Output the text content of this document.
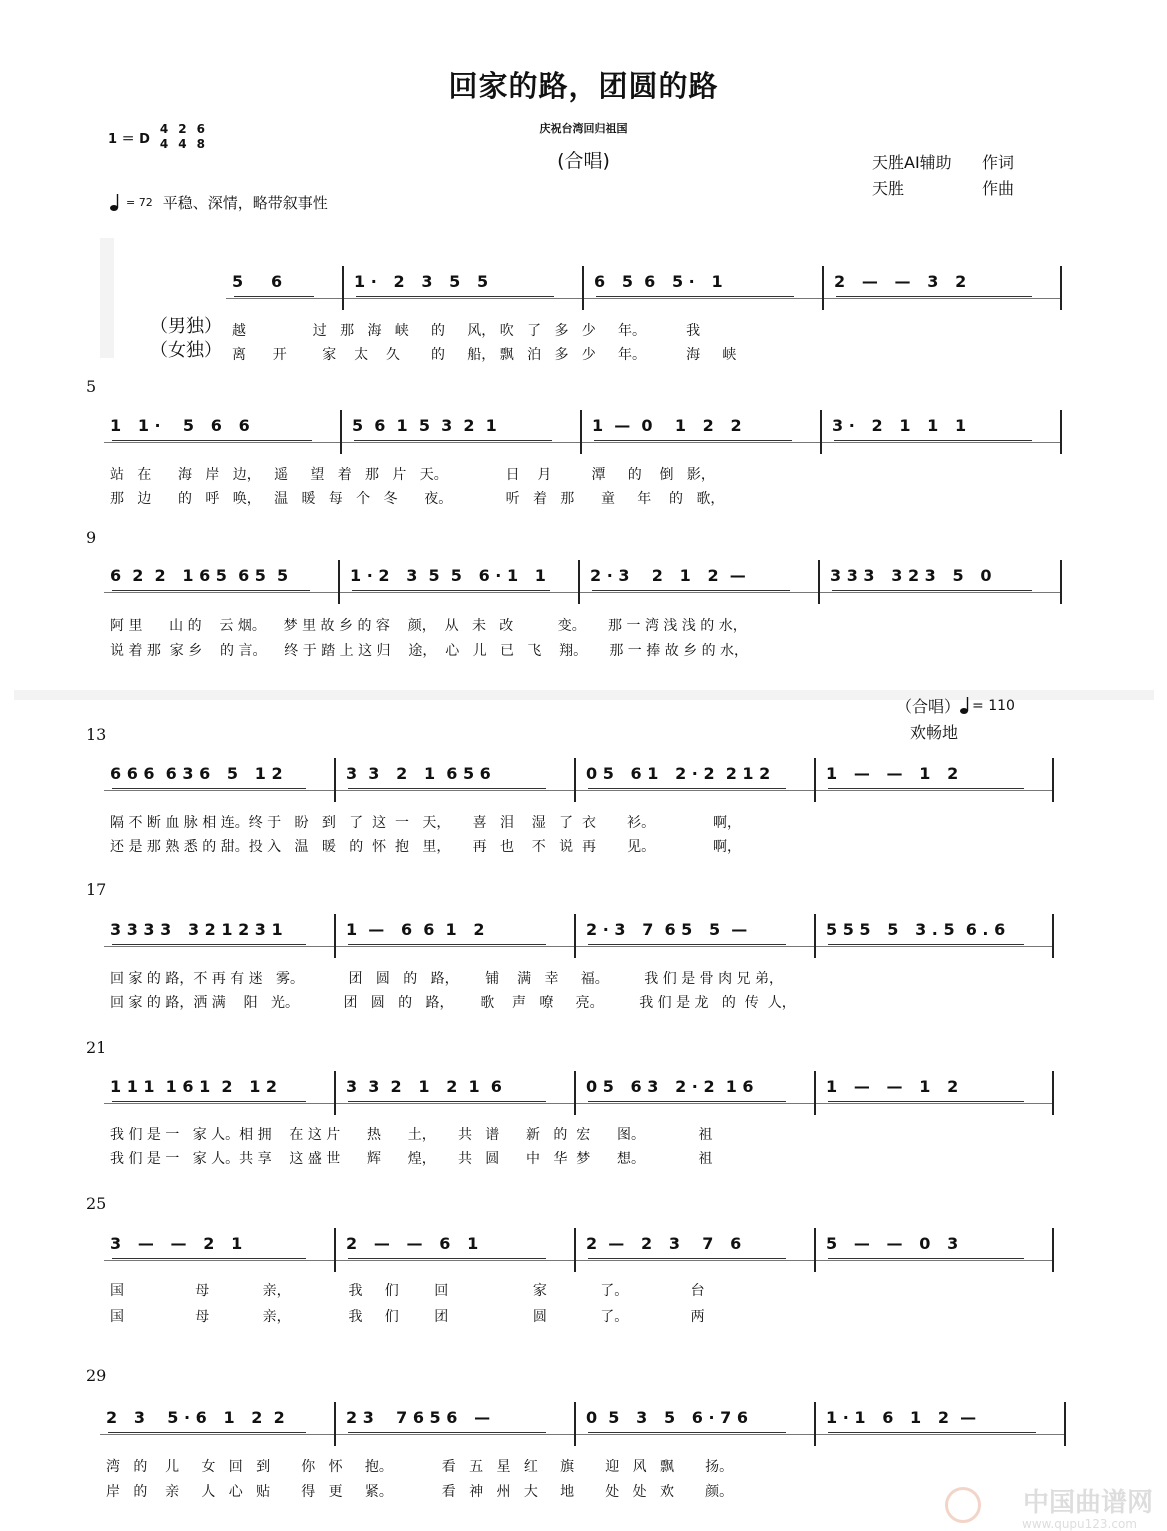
回家的路，团圆的路
1 ＝ D
4
4
2
4
6
8
庆祝台湾回归祖国
(合唱)	天胜AI辅助 作词
天胜	作曲
= 72 平稳、深情，略带叙事性
5     6	1 ·   2   3   5   5	6   5  6   5 ·   1	2   —   —   3   2
越               过   那   海   峡     的     风， 吹   了   多   少     年。         我
离      开        家    太    久       的     船， 飘   泊   多   少     年。         海     峡
5
1   1 ·    5   6   6	5  6  1  5  3  2  1	1  —  0    1   2   2	3 ·   2   1   1   1
站   在      海   岸   边，   遥     望   着   那   片   天。             日    月         潭     的    倒   影，
那   边      的   呼   唤，   温   暖   每   个   冬      夜。            听   着   那      童     年    的   歌，
9
6  2  2   1 6 5  6 5  5	1 · 2   3  5  5   6 · 1   1	2 · 3    2   1   2  —	3 3 3   3 2 3   5   0
阿 里      山 的    云 烟。    梦 里 故 乡 的 容    颜，  从   未   改          变。     那 一 湾 浅 浅 的 水，
说 着 那  家 乡    的 言。    终 于 踏 上 这 归    途，  心   儿   已   飞    翔。     那 一 捧 故 乡 的 水，
13
6 6 6  6 3 6   5   1 2	3  3   2   1  6 5 6	0 5   6 1   2 · 2  2 1 2	1   —   —   1   2
隔 不 断 血 脉 相 连。终 于   盼   到   了  这  一   天，     喜   泪    湿   了  衣       衫。             啊，
还 是 那 熟 悉 的 甜。投 入   温   暖   的  怀  抱   里，     再   也    不   说  再       见。             啊，
17
3 3 3 3   3 2 1 2 3 1	1  —   6  6  1   2	2 · 3   7  6 5   5  —	5 5 5   5   3 . 5  6 . 6
回 家 的 路，不 再 有 迷   雾。          团   圆   的   路，      铺    满   幸     福。        我 们 是 骨 肉 兄 弟，
回 家 的 路，洒 满    阳   光。          团   圆   的   路，      歌    声   嘹     亮。        我 们 是 龙   的  传  人，
21
1 1 1  1 6 1  2   1 2	3  3  2   1   2  1  6	0 5   6 3   2 · 2  1 6	1   —   —   1   2
我 们 是 一   家 人。相 拥    在 这 片      热      土，     共   谱      新   的  宏      图。            祖
我 们 是 一   家 人。共 享    这 盛 世      辉      煌，     共   圆      中   华  梦      想。            祖
25
3   —   —   2   1	2   —   —   6   1	2  —   2   3    7   6	5   —   —   0   3
国                母            亲，             我     们        回                   家            了。              台
国                母            亲，             我     们        团                   圆            了。              两
29
2   3    5 · 6   1   2  2	2 3    7 6 5 6   —	0  5   3   5   6 · 7 6	1 · 1   6   1   2  —
湾   的    儿     女   回   到       你   怀     抱。           看   五   星   红     旗       迎   风   飘       扬。
岸   的    亲     人   心   贴       得   更     紧。           看   神   州   大     地       处   处   欢       颜。
（男独）
（女独）
（合唱） = 110
欢畅地
中国曲谱网
www.qupu123.com
